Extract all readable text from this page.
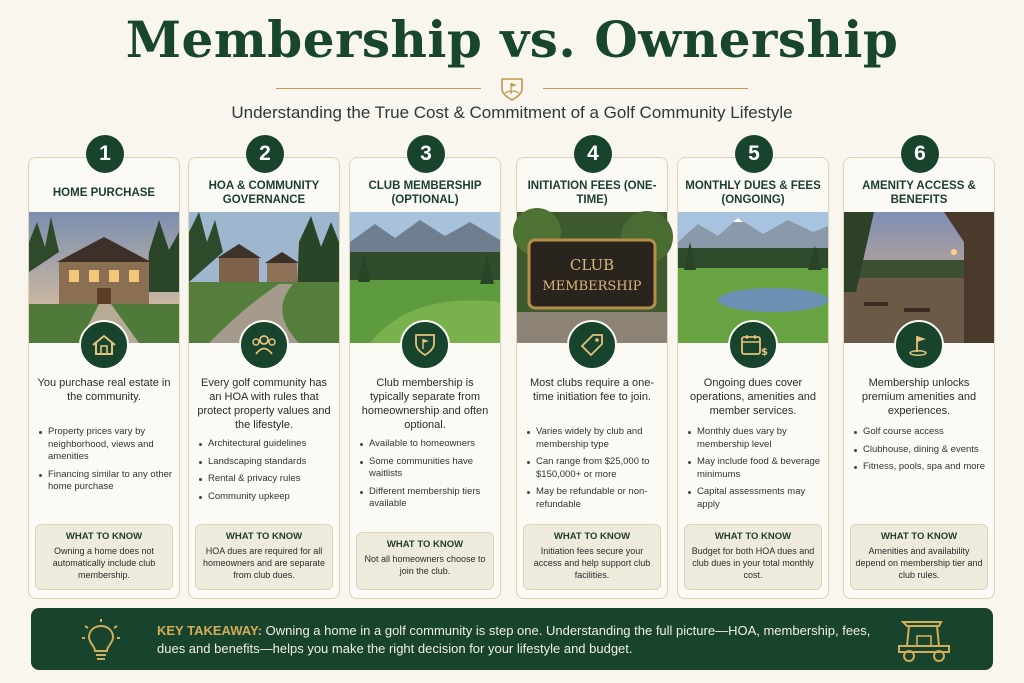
Membership vs. Ownership
Understanding the True Cost & Commitment of a Golf Community Lifestyle
1
HOME PURCHASE
You purchase real estate in the community.
Property prices vary by neighborhood, views and amenities
Financing similar to any other home purchase
WHAT TO KNOW
Owning a home does not automatically include club membership.
2
HOA & COMMUNITY GOVERNANCE
Every golf community has an HOA with rules that protect property values and the lifestyle.
Architectural guidelines
Landscaping standards
Rental & privacy rules
Community upkeep
WHAT TO KNOW
HOA dues are required for all homeowners and are separate from club dues.
3
CLUB MEMBERSHIP (OPTIONAL)
Club membership is typically separate from homeownership and often optional.
Available to homeowners
Some communities have waitlists
Different membership tiers available
WHAT TO KNOW
Not all homeowners choose to join the club.
4
INITIATION FEES (ONE-TIME)
CLUB
MEMBERSHIP
Most clubs require a one-time initiation fee to join.
Varies widely by club and membership type
Can range from $25,000 to $150,000+ or more
May be refundable or non-refundable
WHAT TO KNOW
Initiation fees secure your access and help support club facilities.
5
MONTHLY DUES & FEES (ONGOING)
$
Ongoing dues cover operations, amenities and member services.
Monthly dues vary by membership level
May include food & beverage minimums
Capital assessments may apply
WHAT TO KNOW
Budget for both HOA dues and club dues in your total monthly cost.
6
AMENITY ACCESS & BENEFITS
Membership unlocks premium amenities and experiences.
Golf course access
Clubhouse, dining & events
Fitness, pools, spa and more
WHAT TO KNOW
Amenities and availability depend on membership tier and club rules.
KEY TAKEAWAY: Owning a home in a golf community is step one. Understanding the full picture—HOA, membership, fees, dues and benefits—helps you make the right decision for your lifestyle and budget.
